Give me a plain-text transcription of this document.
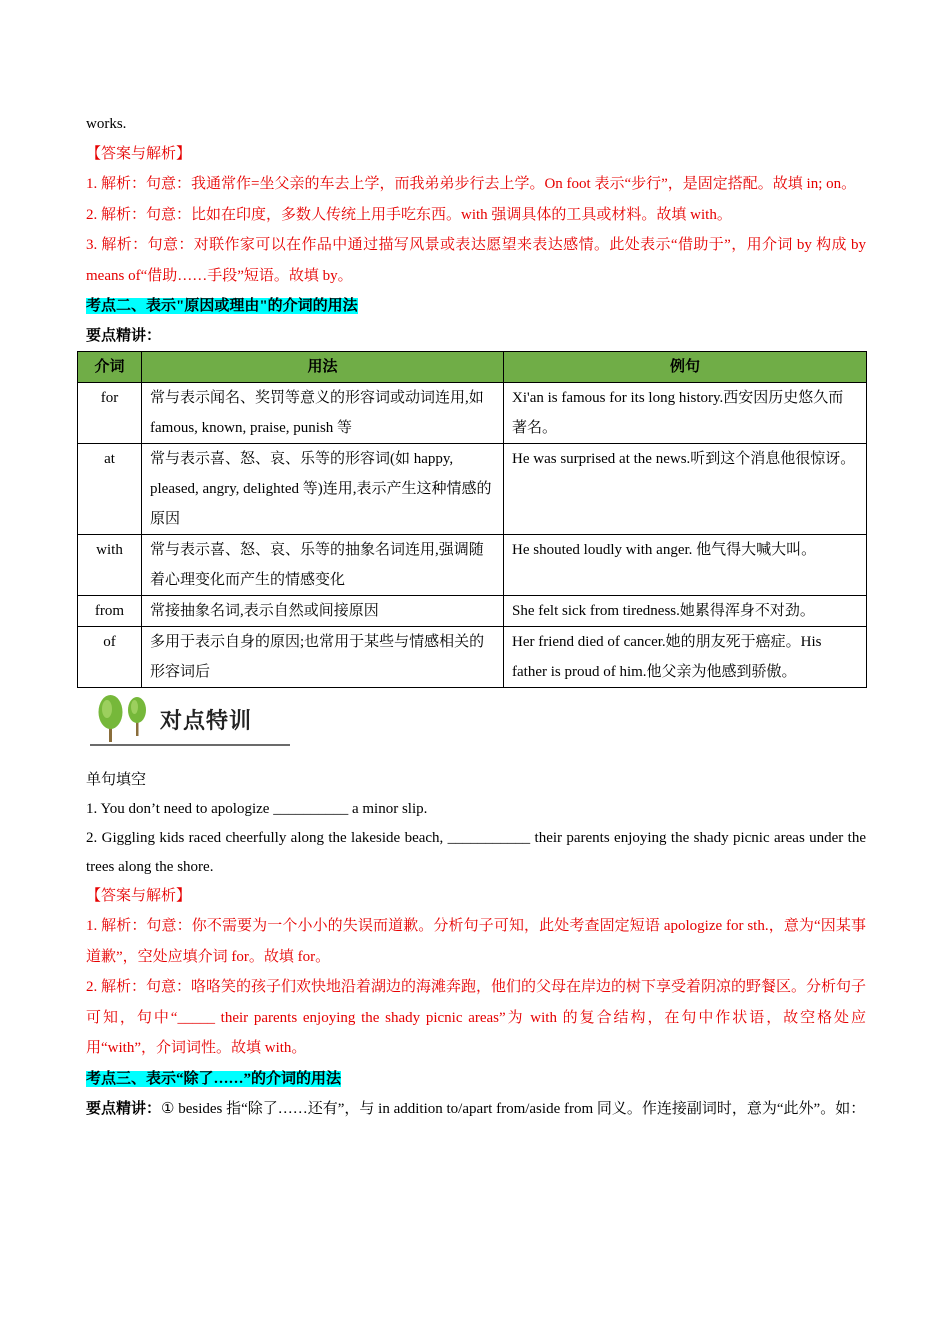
works.
【答案与解析】
1. 解析：句意：我通常作=坐父亲的车去上学，而我弟弟步行去上学。On foot 表示“步行”，是固定搭配。故填 in; on。
2. 解析：句意：比如在印度，多数人传统上用手吃东西。with 强调具体的工具或材料。故填 with。
3. 解析：句意：对联作家可以在作品中通过描写风景或表达愿望来表达感情。此处表示“借助于”，用介词 by 构成 by means of“借助……手段”短语。故填 by。
考点二、表示"原因或理由"的介词的用法
要点精讲：
介词	用法	例句
for	常与表示闻名、奖罚等意义的形容词或动词连用,如 famous, known, praise, punish 等	Xi'an is famous for its long history.西安因历史悠久而著名。
at	常与表示喜、怒、哀、乐等的形容词(如 happy, pleased, angry, delighted 等)连用,表示产生这种情感的原因	He was surprised at the news.听到这个消息他很惊讶。
with	常与表示喜、怒、哀、乐等的抽象名词连用,强调随着心理变化而产生的情感变化	He shouted loudly with anger. 他气得大喊大叫。
from	常接抽象名词,表示自然或间接原因	She felt sick from tiredness.她累得浑身不对劲。
of	多用于表示自身的原因;也常用于某些与情感相关的形容词后	Her friend died of cancer.她的朋友死于癌症。His father is proud of him.他父亲为他感到骄傲。
对点特训
单句填空
1. You don’t need to apologize __________ a minor slip.
2. Giggling kids raced cheerfully along the lakeside beach, ___________ their parents enjoying the shady picnic areas under the trees along the shore.
【答案与解析】
1. 解析：句意：你不需要为一个小小的失误而道歉。分析句子可知，此处考查固定短语 apologize for sth.，意为“因某事道歉”，空处应填介词 for。故填 for。
2. 解析：句意：咯咯笑的孩子们欢快地沿着湖边的海滩奔跑，他们的父母在岸边的树下享受着阴凉的野餐区。分析句子可知，句中“_____ their parents enjoying the shady picnic areas”为 with 的复合结构，在句中作状语，故空格处应用“with”，介词词性。故填 with。
考点三、表示“除了……”的介词的用法
要点精讲：① besides 指“除了……还有”，与 in addition to/apart from/aside from 同义。作连接副词时，意为“此外”。如：
